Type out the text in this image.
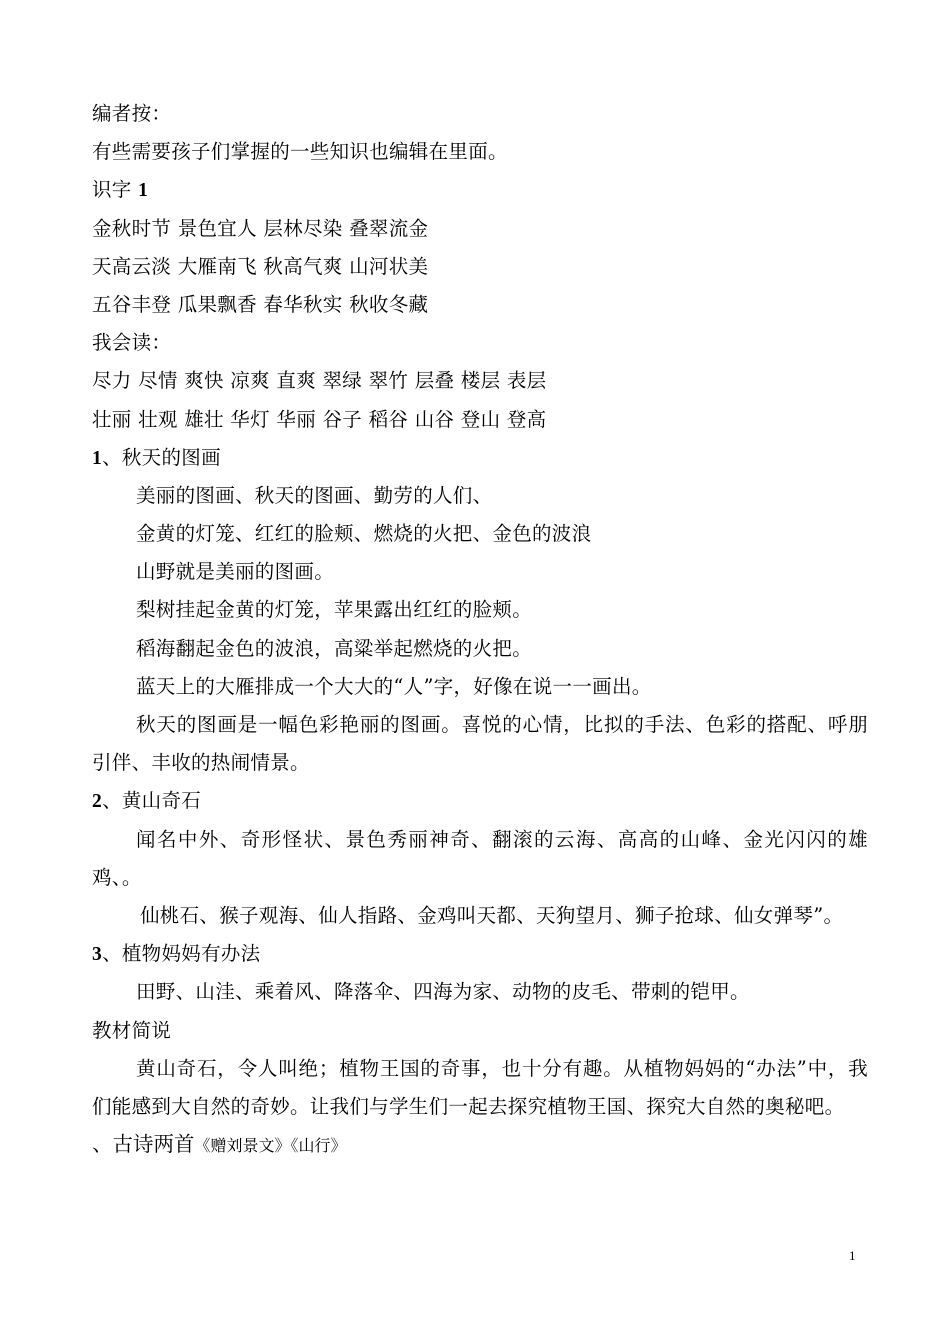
编者按：
有些需要孩子们掌握的一些知识也编辑在里面。
识字 1
金秋时节 景色宜人 层林尽染 叠翠流金
天高云淡 大雁南飞 秋高气爽 山河状美
五谷丰登 瓜果飘香 春华秋实 秋收冬藏
我会读：
尽力 尽情 爽快 凉爽 直爽 翠绿 翠竹 层叠 楼层 表层
壮丽 壮观 雄壮 华灯 华丽 谷子 稻谷 山谷 登山 登高
1、秋天的图画
美丽的图画、秋天的图画、勤劳的人们、
金黄的灯笼、红红的脸颊、燃烧的火把、金色的波浪
山野就是美丽的图画。
梨树挂起金黄的灯笼，苹果露出红红的脸颊。
稻海翻起金色的波浪，高粱举起燃烧的火把。
蓝天上的大雁排成一个大大的“人”字，好像在说一一画出。
秋天的图画是一幅色彩艳丽的图画。喜悦的心情，比拟的手法、色彩的搭配、呼朋引伴、丰收的热闹情景。
2、黄山奇石
闻名中外、奇形怪状、景色秀丽神奇、翻滚的云海、高高的山峰、金光闪闪的雄鸡、。
仙桃石、猴子观海、仙人指路、金鸡叫天都、天狗望月、狮子抢球、仙女弹琴”。
3、植物妈妈有办法
田野、山洼、乘着风、降落伞、四海为家、动物的皮毛、带刺的铠甲。
教材简说
黄山奇石，令人叫绝；植物王国的奇事，也十分有趣。从植物妈妈的“办法”中，我们能感到大自然的奇妙。让我们与学生们一起去探究植物王国、探究大自然的奥秘吧。
、古诗两首《赠刘景文》《山行》
1
